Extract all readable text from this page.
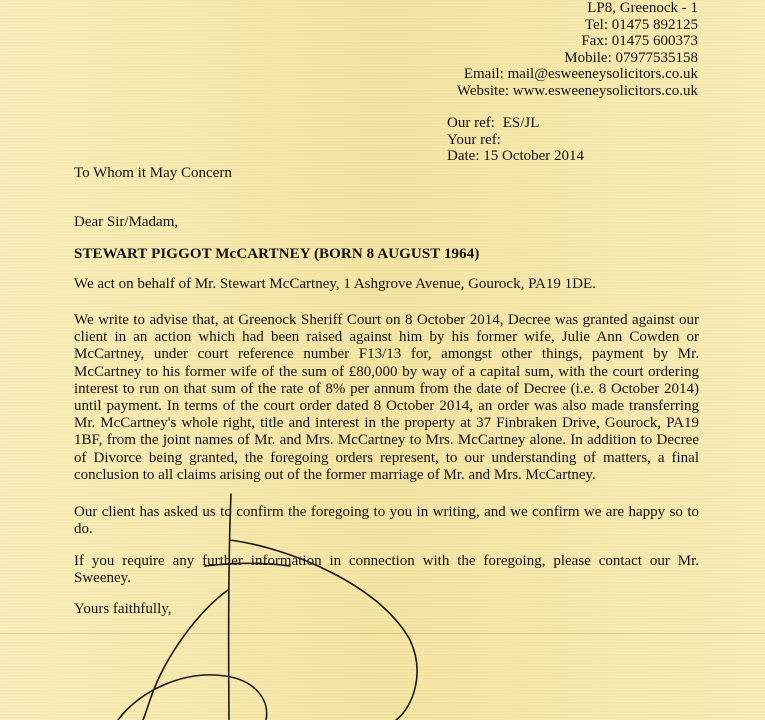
LP8, Greenock - 1
Tel: 01475 892125
Fax: 01475 600373
Mobile: 07977535158
Email: mail@esweeneysolicitors.co.uk
Website: www.esweeneysolicitors.co.uk
Our ref: ES/JL
Your ref:
Date: 15 October 2014
To Whom it May Concern
Dear Sir/Madam,
STEWART PIGGOT McCARTNEY (BORN 8 AUGUST 1964)
We act on behalf of Mr. Stewart McCartney, 1 Ashgrove Avenue, Gourock, PA19 1DE.
We write to advise that, at Greenock Sheriff Court on 8 October 2014, Decree was granted against our client in an action which had been raised against him by his former wife, Julie Ann Cowden or McCartney, under court reference number F13/13 for, amongst other things, payment by Mr. McCartney to his former wife of the sum of £80,000 by way of a capital sum, with the court ordering interest to run on that sum of the rate of 8% per annum from the date of Decree (i.e. 8 October 2014) until payment. In terms of the court order dated 8 October 2014, an order was also made transferring Mr. McCartney's whole right, title and interest in the property at 37 Finbraken Drive, Gourock, PA19 1BF, from the joint names of Mr. and Mrs. McCartney to Mrs. McCartney alone. In addition to Decree of Divorce being granted, the foregoing orders represent, to our understanding of matters, a final conclusion to all claims arising out of the former marriage of Mr. and Mrs. McCartney.
Our client has asked us to confirm the foregoing to you in writing, and we confirm we are happy so to do.
If you require any further information in connection with the foregoing, please contact our Mr. Sweeney.
Yours faithfully,
